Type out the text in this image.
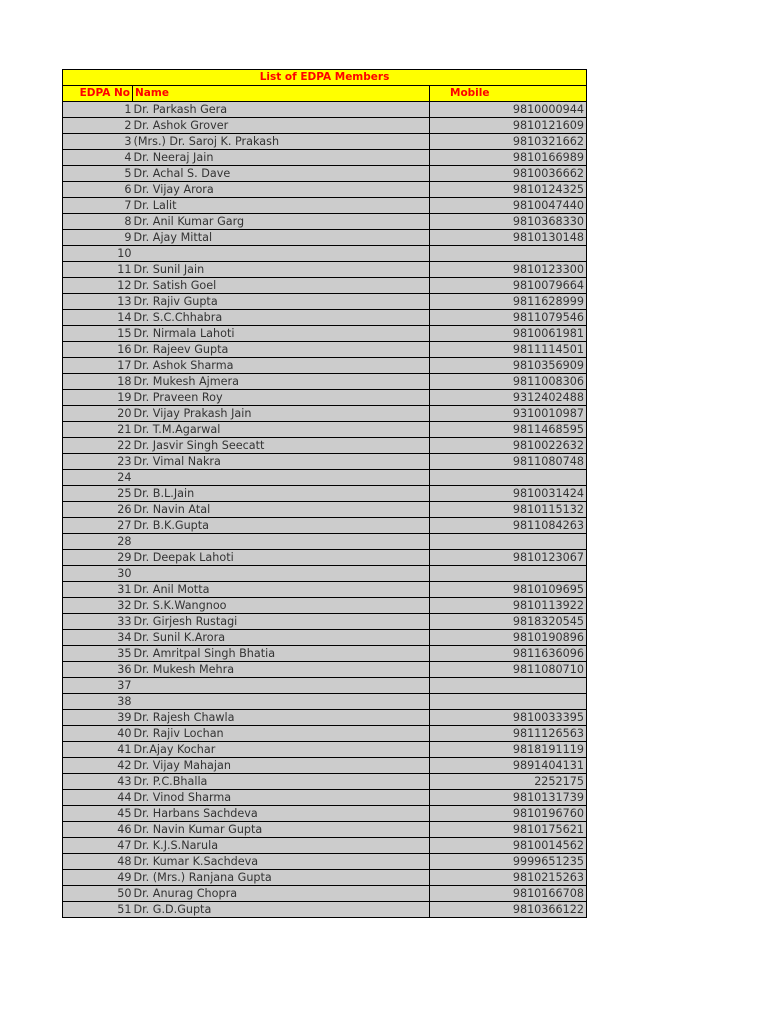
List of EDPA Members		
EDPA No	Name	Mobile
1	Dr. Parkash Gera	9810000944
2	Dr. Ashok Grover	9810121609
3	(Mrs.) Dr. Saroj K. Prakash	9810321662
4	Dr. Neeraj Jain	9810166989
5	Dr. Achal S. Dave	9810036662
6	Dr. Vijay Arora	9810124325
7	Dr. Lalit	9810047440
8	Dr. Anil Kumar Garg	9810368330
9	Dr. Ajay Mittal	9810130148
10		
11	Dr. Sunil Jain	9810123300
12	Dr. Satish Goel	9810079664
13	Dr. Rajiv Gupta	9811628999
14	Dr. S.C.Chhabra	9811079546
15	Dr. Nirmala Lahoti	9810061981
16	Dr. Rajeev Gupta	9811114501
17	Dr. Ashok Sharma	9810356909
18	Dr. Mukesh Ajmera	9811008306
19	Dr. Praveen Roy	9312402488
20	Dr. Vijay Prakash Jain	9310010987
21	Dr. T.M.Agarwal	9811468595
22	Dr. Jasvir Singh Seecatt	9810022632
23	Dr. Vimal Nakra	9811080748
24		
25	Dr. B.L.Jain	9810031424
26	Dr. Navin Atal	9810115132
27	Dr. B.K.Gupta	9811084263
28		
29	Dr. Deepak Lahoti	9810123067
30		
31	Dr. Anil Motta	9810109695
32	Dr. S.K.Wangnoo	9810113922
33	Dr. Girjesh Rustagi	9818320545
34	Dr. Sunil K.Arora	9810190896
35	Dr. Amritpal Singh Bhatia	9811636096
36	Dr. Mukesh Mehra	9811080710
37		
38		
39	Dr. Rajesh Chawla	9810033395
40	Dr. Rajiv Lochan	9811126563
41	Dr.Ajay Kochar	9818191119
42	Dr. Vijay Mahajan	9891404131
43	Dr. P.C.Bhalla	2252175
44	Dr. Vinod Sharma	9810131739
45	Dr. Harbans Sachdeva	9810196760
46	Dr. Navin Kumar Gupta	9810175621
47	Dr. K.J.S.Narula	9810014562
48	Dr. Kumar K.Sachdeva	9999651235
49	Dr. (Mrs.) Ranjana Gupta	9810215263
50	Dr. Anurag Chopra	9810166708
51	Dr. G.D.Gupta	9810366122
